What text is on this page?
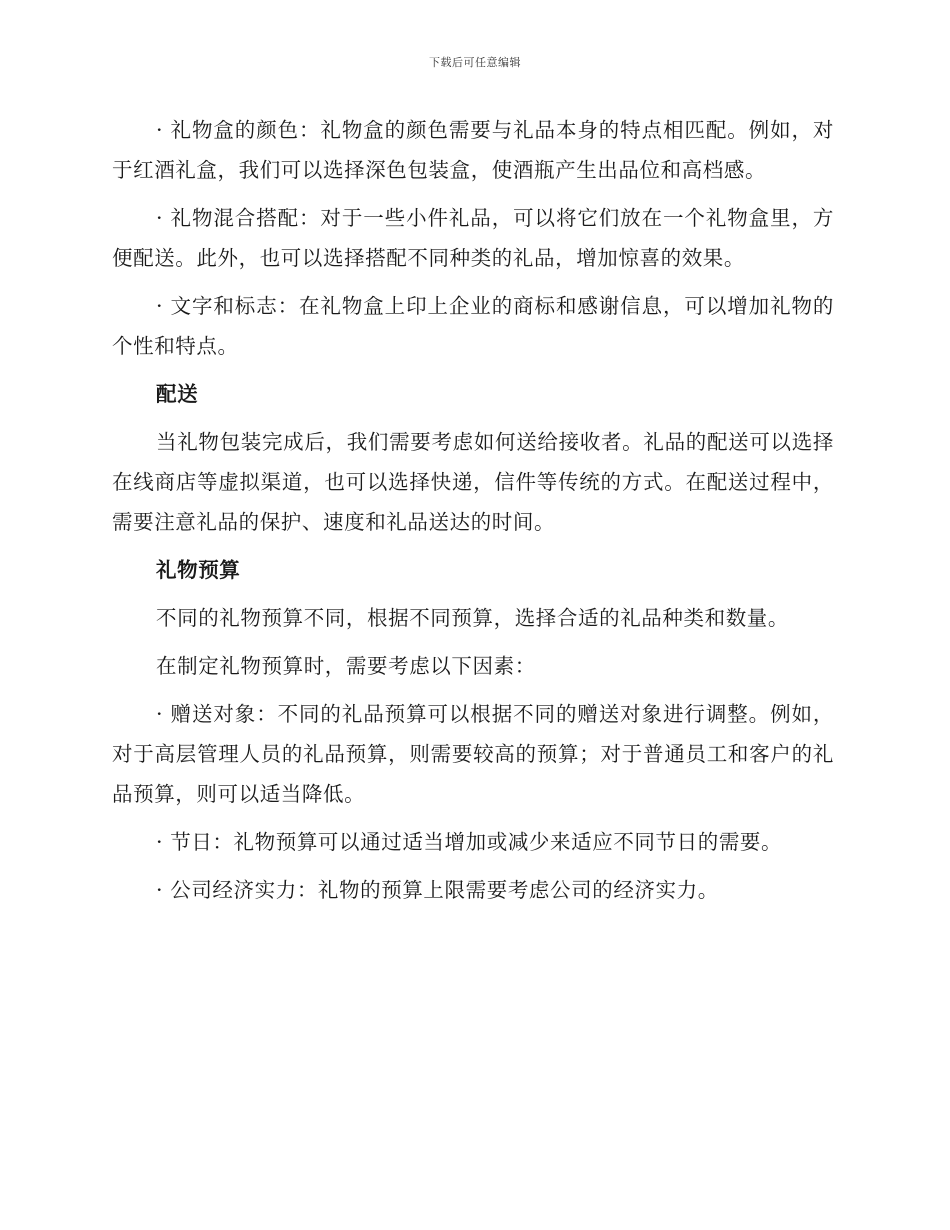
下载后可任意编辑

· 礼物盒的颜色：礼物盒的颜色需要与礼品本身的特点相匹配。例如，对于红酒礼盒，我们可以选择深色包装盒，使酒瓶产生出品位和高档感。

· 礼物混合搭配：对于一些小件礼品，可以将它们放在一个礼物盒里，方便配送。此外，也可以选择搭配不同种类的礼品，增加惊喜的效果。

· 文字和标志：在礼物盒上印上企业的商标和感谢信息，可以增加礼物的个性和特点。

配送

当礼物包装完成后，我们需要考虑如何送给接收者。礼品的配送可以选择在线商店等虚拟渠道，也可以选择快递，信件等传统的方式。在配送过程中，需要注意礼品的保护、速度和礼品送达的时间。

礼物预算

不同的礼物预算不同，根据不同预算，选择合适的礼品种类和数量。

在制定礼物预算时，需要考虑以下因素：

· 赠送对象：不同的礼品预算可以根据不同的赠送对象进行调整。例如，对于高层管理人员的礼品预算，则需要较高的预算；对于普通员工和客户的礼品预算，则可以适当降低。

· 节日：礼物预算可以通过适当增加或减少来适应不同节日的需要。

· 公司经济实力：礼物的预算上限需要考虑公司的经济实力。
